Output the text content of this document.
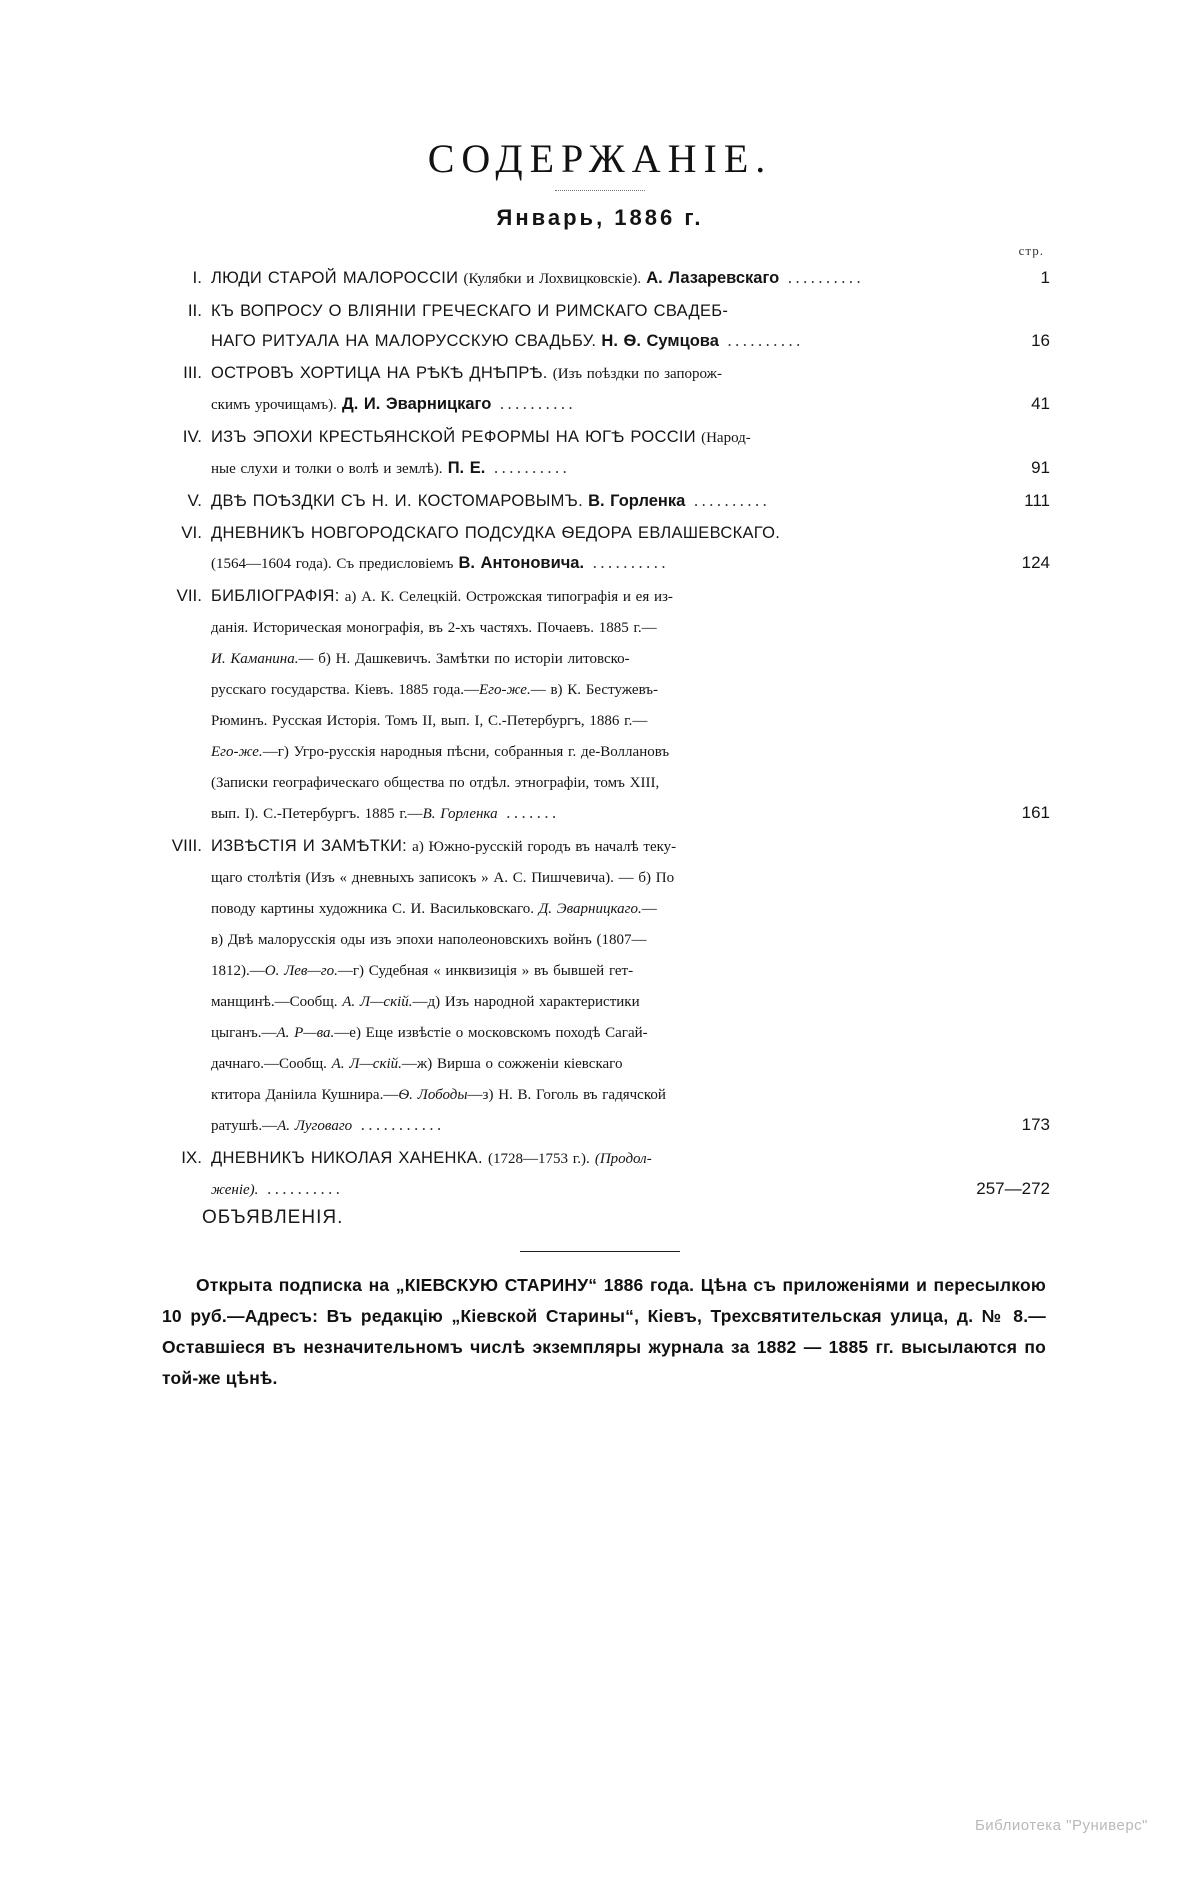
СОДЕРЖАНІЕ.
Январь, 1886 г.
стр.
I. ЛЮДИ СТАРОЙ МАЛОРОССІИ (Кулябки и Лохвицковскіе). А. Лазаревскаго ..........	1
II. КЪ ВОПРОСУ О ВЛІЯНІИ ГРЕЧЕСКАГО И РИМСКАГО СВАДЕБ-
НАГО РИТУАЛА НА МАЛОРУССКУЮ СВАДЬБУ. Н. Ѳ. Сумцова ..........	16
III. ОСТРОВЪ ХОРТИЦА НА РѢКѢ ДНѢПРѢ. (Изъ поѣздки по запорож-
скимъ урочищамъ). Д. И. Эварницкаго ..........	41
IV. ИЗЪ ЭПОХИ КРЕСТЬЯНСКОЙ РЕФОРМЫ НА ЮГѢ РОССІИ (Народ-
ные слухи и толки о волѣ и землѣ). П. Е. ..........	91
V. ДВѢ ПОѢЗДКИ СЪ Н. И. КОСТОМАРОВЫМЪ. В. Горленка ..........	111
VI. ДНЕВНИКЪ НОВГОРОДСКАГО ПОДСУДКА ѲЕДОРА ЕВЛАШЕВСКАГО.
(1564—1604 года). Съ предисловіемъ В. Антоновича. ..........	124
VII. БИБЛІОГРАФІЯ: а) А. К. Селецкій. Острожская типографія и ея из-
данія. Историческая монографія, въ 2-хъ частяхъ. Почаевъ. 1885 г.—
И. Каманина.— б) Н. Дашкевичъ. Замѣтки по исторіи литовско-
русскаго государства. Кіевъ. 1885 года.—Его-же.— в) К. Бестужевъ-
Рюминъ. Русская Исторія. Томъ II, вып. I, С.-Петербургъ, 1886 г.—
Его-же.—г) Угро-русскія народныя пѣсни, собранныя г. де-Воллановъ
(Записки географическаго общества по отдѣл. этнографіи, томъ XIII,
вып. I). С.-Петербургъ. 1885 г.—В. Горленка .......	161
VIII. ИЗВѢСТІЯ И ЗАМѢТКИ: а) Южно-русскій городъ въ началѣ теку-
щаго столѣтія (Изъ « дневныхъ записокъ » А. С. Пишчевича). — б) По
поводу картины художника С. И. Васильковскаго. Д. Эварницкаго.—
в) Двѣ малорусскія оды изъ эпохи наполеоновскихъ войнъ (1807—
1812).—О. Лев—го.—г) Судебная « инквизиція » въ бывшей гет-
манщинѣ.—Сообщ. А. Л—скій.—д) Изъ народной характеристики
цыганъ.—А. Р—ва.—е) Еще извѣстіе о московскомъ походѣ Сагай-
дачнаго.—Сообщ. А. Л—скій.—ж) Вирша о сожженіи кіевскаго
ктитора Даніила Кушнира.—Ѳ. Лободы—з) Н. В. Гоголь въ гадячской
ратушѣ.—А. Луговаго ...........	173
IX. ДНЕВНИКЪ НИКОЛАЯ ХАНЕНКА. (1728—1753 г.). (Продол-
женіе). ..........	257—272
ОБЪЯВЛЕНІЯ.
Открыта подписка на „КІЕВСКУЮ СТАРИНУ“ 1886 года. Цѣна съ приложеніями и пересылкою 10 руб.—Адресъ: Въ редакцію „Кіевской Старины“, Кіевъ, Трехсвятительская улица, д. № 8.—Оставшіеся въ незначительномъ числѣ экземпляры журнала за 1882 — 1885 гг. высылаются по той-же цѣнѣ.
Библиотека "Руниверс"
